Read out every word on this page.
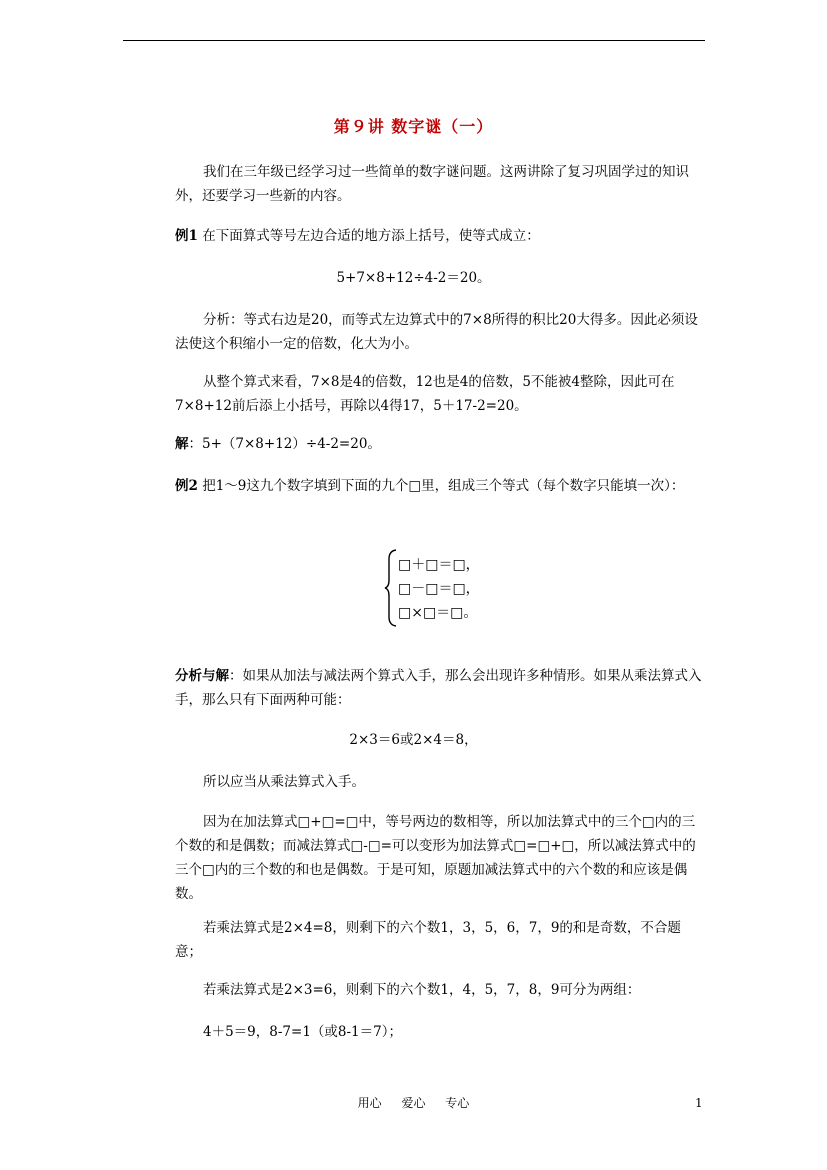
第９讲 数字谜（一）
我们在三年级已经学习过一些简单的数字谜问题。这两讲除了复习巩固学过的知识外，还要学习一些新的内容。
例1 在下面算式等号左边合适的地方添上括号，使等式成立：
5+7×8+12÷4-2＝20。
分析：等式右边是20，而等式左边算式中的7×8所得的积比20大得多。因此必须设法使这个积缩小一定的倍数，化大为小。
从整个算式来看，7×8是4的倍数，12也是4的倍数，5不能被4整除，因此可在7×8+12前后添上小括号，再除以4得17，5＋17-2=20。
解：5+（7×8+12）÷4-2=20。
例2 把1～9这九个数字填到下面的九个□里，组成三个等式（每个数字只能填一次）：
□＋□＝□，
□－□＝□，
□×□＝□。
分析与解：如果从加法与减法两个算式入手，那么会出现许多种情形。如果从乘法算式入手，那么只有下面两种可能：
2×3＝6或2×4＝8，
所以应当从乘法算式入手。
因为在加法算式□+□=□中，等号两边的数相等，所以加法算式中的三个□内的三个数的和是偶数；而减法算式□-□=可以变形为加法算式□=□+□，所以减法算式中的三个□内的三个数的和也是偶数。于是可知，原题加减法算式中的六个数的和应该是偶数。
若乘法算式是2×4=8，则剩下的六个数1，3，5，6，7，9的和是奇数，不合题意；
若乘法算式是2×3=6，则剩下的六个数1，4，5，7，8，9可分为两组：
4＋5＝9，8-7=1（或8-1＝7）；
用心 爱心 专心	1
